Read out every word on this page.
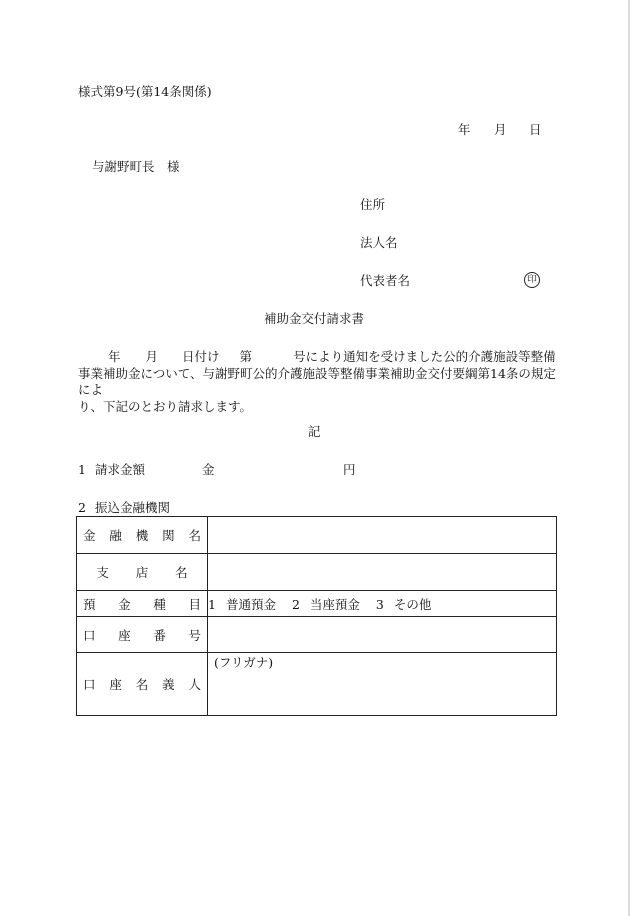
様式第9号(第14条関係)
年 月 日
与謝野町長　様
住所
法人名
代表者名	印
補助金交付請求書
年 月 日付け 第	号により通知を受けました公的介護施設等整備
事業補助金について、与謝野町公的介護施設等整備事業補助金交付要綱第14条の規定によ
り、下記のとおり請求します。
記
1 請求金額	金	円
2 振込金融機関
金 融 機 関 名	

支 店 名	

預 金 種 目	1 普通預金 2 当座預金 3 その他

口 座 番 号	

口 座 名 義 人	(フリガナ)
